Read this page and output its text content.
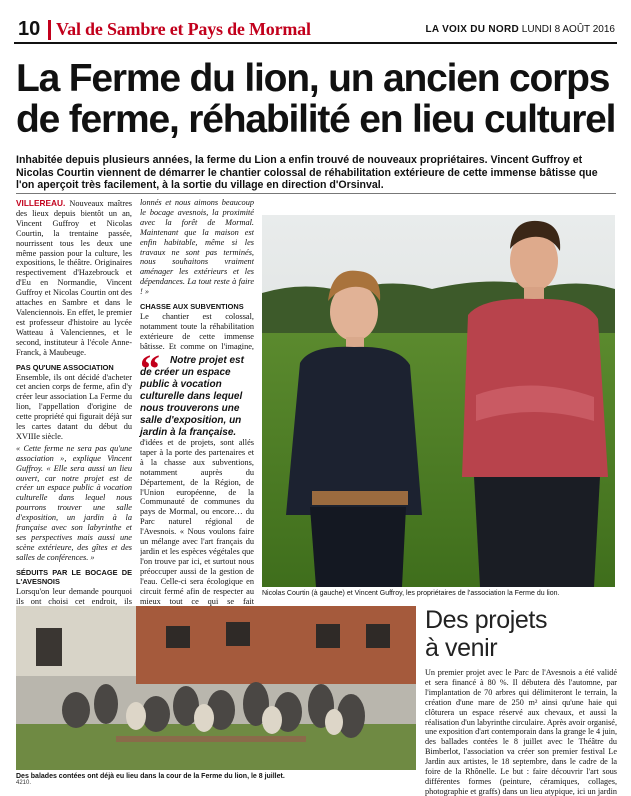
10 Val de Sambre et Pays de Mormal	LA VOIX DU NORD LUNDI 8 AOÛT 2016
La Ferme du lion, un ancien corps de ferme, réhabilité en lieu culturel

Inhabitée depuis plusieurs années, la ferme du Lion a enfin trouvé de nouveaux propriétaires. Vincent Guffroy et Nicolas Courtin viennent de démarrer le chantier colossal de réhabilitation extérieure de cette immense bâtisse que l'on aperçoit très facilement, à la sortie du village en direction d'Orsinval.

VILLEREAU. Nouveaux maîtres des lieux depuis bientôt un an, Vincent Guffroy et Nicolas Courtin, la trentaine passée, nourrissent tous les deux une même passion pour la culture, les expositions, le théâtre. Originaires respectivement d'Hazebrouck et d'Eu en Normandie, Vincent Guffroy et Nicolas Courtin ont des attaches en Sambre et dans le Valenciennois. En effet, le premier est professeur d'histoire au lycée Watteau à Valenciennes, et le second, instituteur à l'école Anne-Franck, à Maubeuge.

PAS QU'UNE ASSOCIATION

Ensemble, ils ont décidé d'acheter cet ancien corps de ferme, afin d'y créer leur association La Ferme du lion, l'appellation d'origine de cette propriété qui figurait déjà sur les cartes datant du début du XVIIIe siècle.

« Cette ferme ne sera pas qu'une association », explique Vincent Guffroy. « Elle sera aussi un lieu ouvert, car notre projet est de créer un espace public à vocation culturelle dans lequel nous pourrons trouver une salle d'exposition, un jardin à la française avec son labyrinthe et ses perspectives mais aussi une scène extérieure, des gîtes et des salles de conférences. »

SÉDUITS PAR LE BOCAGE DE L'AVESNOIS

Lorsqu'on leur demande pourquoi ils ont choisi cet endroit, ils

lonnés et nous aimons beaucoup le bocage avesnois, la proximité avec la forêt de Mormal. Maintenant que la maison est enfin habitable, même si les travaux ne sont pas terminés, nous souhaitons vraiment aménager les extérieurs et les dépendances. La tout reste à faire ! »

CHASSE AUX SUBVENTIONS

Le chantier est colossal, notamment toute la réhabilitation extérieure de cette immense bâtisse. Et comme on l'imagine,

“	Notre projet est de créer un espace public à vocation culturelle dans lequel nous trouverons une salle d'exposition, un jardin à la française.

d'idées et de projets, sont allés taper à la porte des partenaires et à la chasse aux subventions, notamment auprès du Département, de la Région, de l'Union européenne, de la Communauté de communes du pays de Mormal, ou encore… du Parc naturel régional de l'Avesnois. « Nous voulons faire un mélange avec l'art français du jardin et les espèces végétales que l'on trouve par ici, et surtout nous préoccuper aussi de la gestion de l'eau. Celle-ci sera écologique en circuit fermé afin de respecter au mieux tout ce qui se fait

Nicolas Courtin (à gauche) et Vincent Guffroy, les propriétaires de l'association la Ferme du lion.
Des balades contées ont déjà eu lieu dans la cour de la Ferme du lion, le 8 juillet.
Des projets
à venir

Un premier projet avec le Parc de l'Avesnois a été validé et sera financé à 80 %. Il débutera dès l'automne, par l'implantation de 70 arbres qui délimiteront le terrain, la création d'une mare de 250 m² ainsi qu'une haie qui clôturera un espace réservé aux chevaux, et aussi la réalisation d'un labyrinthe circulaire. Après avoir organisé, une exposition d'art contemporain dans la grange le 4 juin, des ballades contées le 8 juillet avec le Théâtre du Bimberlot, l'association va créer son premier festival Le Jardin aux artistes, le 18 septembre, dans le cadre de la foire de la Rhônelle. Le but : faire découvrir l'art sous différentes formes (peinture, céramiques, collages, photographie et graffs) dans un lieu atypique, ici un jardin

4210.
